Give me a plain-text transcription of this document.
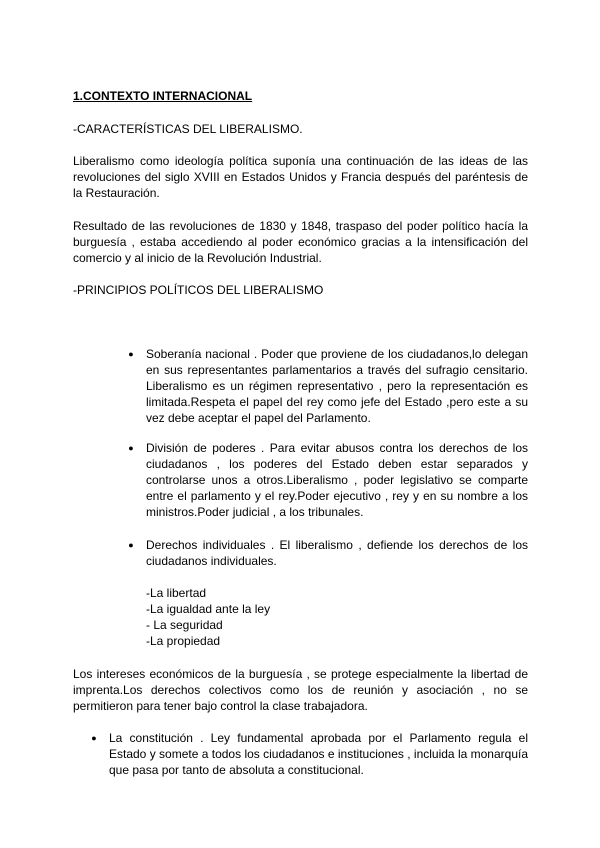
1.CONTEXTO INTERNACIONAL

-CARACTERÍSTICAS DEL LIBERALISMO.

Liberalismo como ideología política suponía una continuación de las ideas de las revoluciones del siglo XVIII en Estados Unidos y Francia después del paréntesis de la Restauración.

Resultado de las revoluciones de 1830 y 1848, traspaso del poder político hacía la burguesía , estaba accediendo al poder económico gracias a la intensificación del comercio y al inicio de la Revolución Industrial.

-PRINCIPIOS POLÍTICOS DEL LIBERALISMO

● Soberanía nacional . Poder que proviene de los ciudadanos,lo delegan en sus representantes parlamentarios a través del sufragio censitario. Liberalismo es un régimen representativo , pero la representación es limitada.Respeta el papel del rey como jefe del Estado ,pero este a su vez debe aceptar el papel del Parlamento.

● División de poderes . Para evitar abusos contra los derechos de los ciudadanos , los poderes del Estado deben estar separados y controlarse unos a otros.Liberalismo , poder legislativo se comparte entre el parlamento y el rey.Poder ejecutivo , rey y en su nombre a los ministros.Poder judicial , a los tribunales.

● Derechos individuales . El liberalismo , defiende los derechos de los ciudadanos individuales.

-La libertad

-La igualdad ante la ley

- La seguridad

-La propiedad

Los intereses económicos de la burguesía , se protege especialmente la libertad de imprenta.Los derechos colectivos como los de reunión y asociación , no se permitieron para tener bajo control la clase trabajadora.

● La constitución . Ley fundamental aprobada por el Parlamento regula el Estado y somete a todos los ciudadanos e instituciones , incluida la monarquía que pasa por tanto de absoluta a constitucional.
